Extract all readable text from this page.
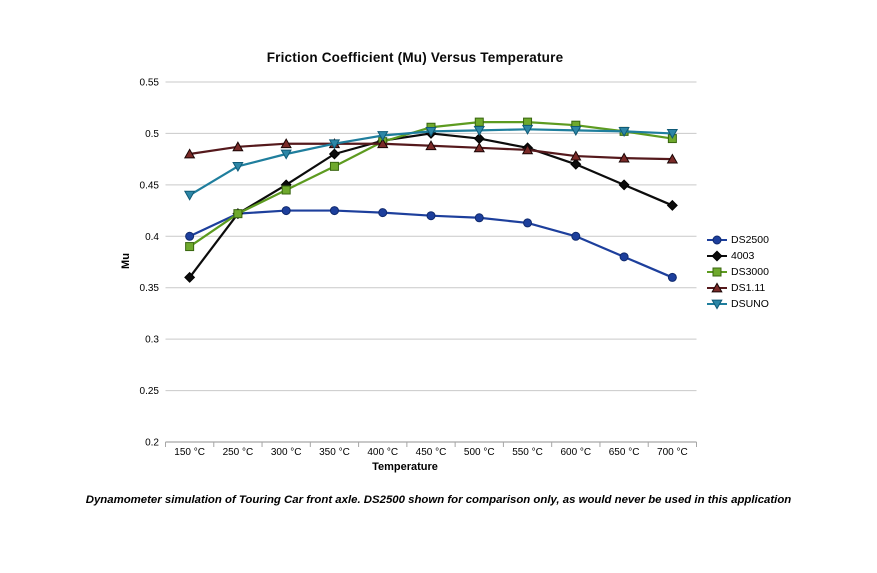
Friction Coefficient (Mu) Versus Temperature
Mu
0.2
0.25
0.3
0.35
0.4
0.45
0.5
0.55
150 °C 250 °C 300 °C 350 °C 400 °C 450 °C 500 °C 550 °C 600 °C 650 °C 700 °C
Temperature
DS2500
4003
DS3000
DS1.11
DSUNO
Dynamometer simulation of Touring Car front axle. DS2500 shown for comparison only, as would never be used in this application
